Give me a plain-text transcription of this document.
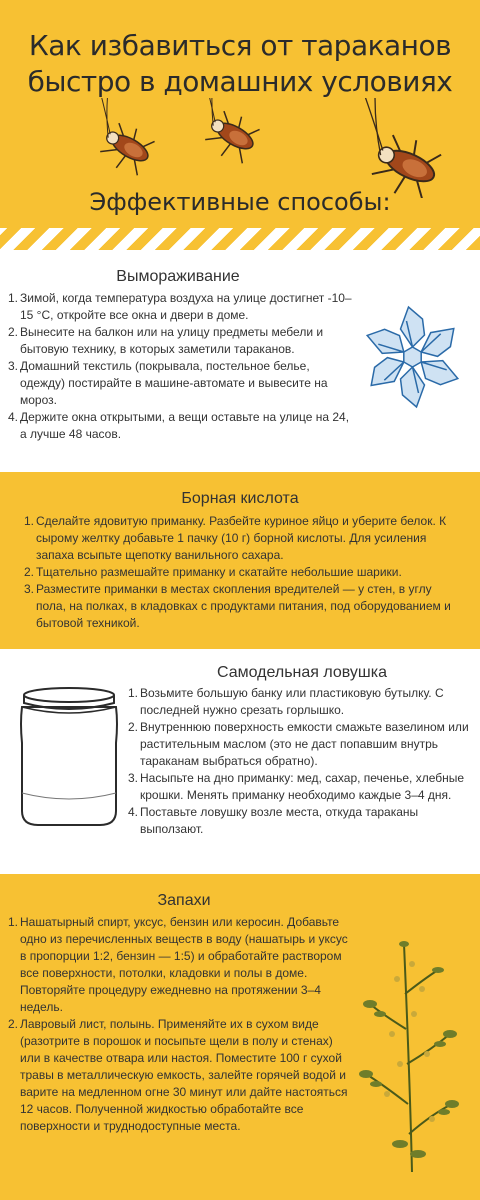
Как избавиться от тараканов
быстро в домашних условиях
Эффективные способы:
Вымораживание
1. Зимой, когда температура воздуха на улице достигнет -10–15 °С, откройте все окна и двери в доме.
2. Вынесите на балкон или на улицу предметы мебели и бытовую технику, в которых заметили тараканов.
3. Домашний текстиль (покрывала, постельное белье, одежду) постирайте в машине-автомате и вывесите на мороз.
4. Держите окна открытыми, а вещи оставьте на улице на 24, а лучше 48 часов.
Борная кислота
1. Сделайте ядовитую приманку. Разбейте куриное яйцо и уберите белок. К сырому желтку добавьте 1 пачку (10 г) борной кислоты. Для усиления запаха всыпьте щепотку ванильного сахара.
2. Тщательно размешайте приманку и скатайте небольшие шарики.
3. Разместите приманки в местах скопления вредителей — у стен, в углу пола, на полках, в кладовках с продуктами питания, под оборудованием и бытовой техникой.
Самодельная ловушка
1. Возьмите большую банку или пластиковую бутылку. С последней нужно срезать горлышко.
2. Внутреннюю поверхность емкости смажьте вазелином или растительным маслом (это не даст попавшим внутрь тараканам выбраться обратно).
3. Насыпьте на дно приманку: мед, сахар, печенье, хлебные крошки. Менять приманку необходимо каждые 3–4 дня.
4. Поставьте ловушку возле места, откуда тараканы выползают.
Запахи
1. Нашатырный спирт, уксус, бензин или керосин. Добавьте одно из перечисленных веществ в воду (нашатырь и уксус в пропорции 1:2, бензин — 1:5) и обработайте раствором все поверхности, потолки, кладовки и полы в доме. Повторяйте процедуру ежедневно на протяжении 3–4 недель.
2. Лавровый лист, полынь. Применяйте их в сухом виде (разотрите в порошок и посыпьте щели в полу и стенах) или в качестве отвара или настоя. Поместите 100 г сухой травы в металлическую емкость, залейте горячей водой и варите на медленном огне 30 минут или дайте настояться 12 часов. Полученной жидкостью обработайте все поверхности и труднодоступные места.
